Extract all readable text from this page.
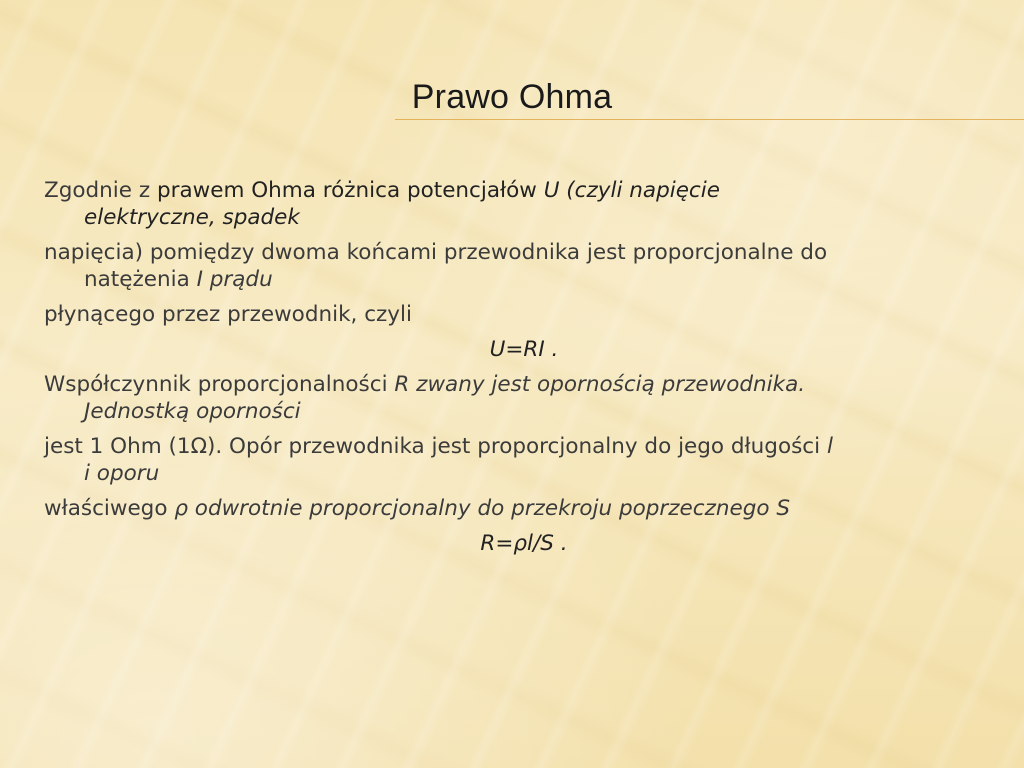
Prawo Ohma

Zgodnie z prawem Ohma różnica potencjałów U (czyli napięcie
elektryczne, spadek

napięcia) pomiędzy dwoma końcami przewodnika jest proporcjonalne do
natężenia I prądu

płynącego przez przewodnik, czyli

U=RI .

Współczynnik proporcjonalności R zwany jest opornością przewodnika.
Jednostką oporności

jest 1 Ohm (1Ω). Opór przewodnika jest proporcjonalny do jego długości l
i oporu

właściwego ρ odwrotnie proporcjonalny do przekroju poprzecznego S

R=ρl/S .
